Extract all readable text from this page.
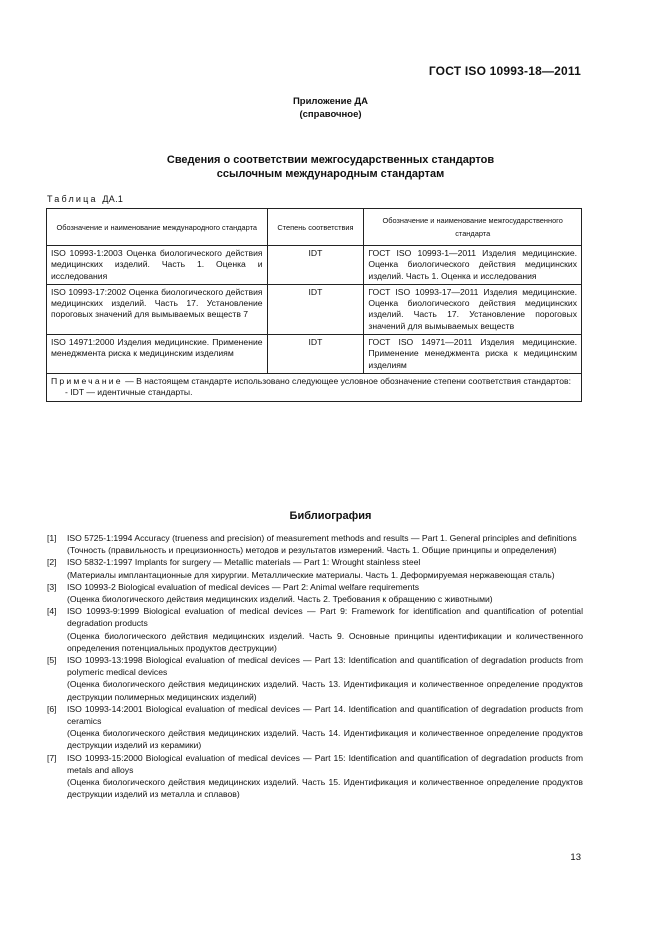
ГОСТ ISO 10993-18—2011
Приложение ДА
(справочное)
Сведения о соответствии межгосударственных стандартов
ссылочным международным стандартам
Таблица ДА.1
Обозначение и наименование международного стандарта	Степень соответствия	Обозначение и наименование межгосударственного стандарта
ISO 10993-1:2003 Оценка биологического действия медицинских изделий. Часть 1. Оценка и исследования	IDT	ГОСТ ISO 10993-1—2011 Изделия медицинские. Оценка биологического действия медицинских изделий. Часть 1. Оценка и исследования
ISO 10993-17:2002 Оценка биологического действия медицинских изделий. Часть 17. Установление пороговых значений для вымываемых веществ 7	IDT	ГОСТ ISO 10993-17—2011 Изделия медицинские. Оценка биологического действия медицинских изделий. Часть 17. Установление пороговых значений для вымываемых веществ
ISO 14971:2000 Изделия медицинские. Применение менеджмента риска к медицинским изделиям	IDT	ГОСТ ISO 14971—2011 Изделия медицинские. Применение менеджмента риска к медицинским изделиям
Примечание — В настоящем стандарте использовано следующее условное обозначение степени соответствия стандартов:
- IDT — идентичные стандарты.		
Библиография
[1]	ISO 5725-1:1994 Accuracy (trueness and precision) of measurement methods and results — Part 1. General principles and definitions
(Точность (правильность и прецизионность) методов и результатов измерений. Часть 1. Общие принципы и определения)
[2]	ISO 5832-1:1997 Implants for surgery — Metallic materials — Part 1: Wrought stainless steel
(Материалы имплантационные для хирургии. Металлические материалы. Часть 1. Деформируемая нержавеющая сталь)
[3]	ISO 10993-2 Biological evaluation of medical devices — Part 2: Animal welfare requirements
(Оценка биологического действия медицинских изделий. Часть 2. Требования к обращению с животными)
[4]	ISO 10993-9:1999 Biological evaluation of medical devices — Part 9: Framework for identification and quantification of potential degradation products
(Оценка биологического действия медицинских изделий. Часть 9. Основные принципы идентификации и количественного определения потенциальных продуктов деструкции)
[5]	ISO 10993-13:1998 Biological evaluation of medical devices — Part 13: Identification and quantification of degradation products from polymeric medical devices
(Оценка биологического действия медицинских изделий. Часть 13. Идентификация и количественное определение продуктов деструкции полимерных медицинских изделий)
[6]	ISO 10993-14:2001 Biological evaluation of medical devices — Part 14. Identification and quantification of degradation products from ceramics
(Оценка биологического действия медицинских изделий. Часть 14. Идентификация и количественное определение продуктов деструкции изделий из керамики)
[7]	ISO 10993-15:2000 Biological evaluation of medical devices — Part 15: Identification and quantification of degradation products from metals and alloys
(Оценка биологического действия медицинских изделий. Часть 15. Идентификация и количественное определение продуктов деструкции изделий из металла и сплавов)
13
